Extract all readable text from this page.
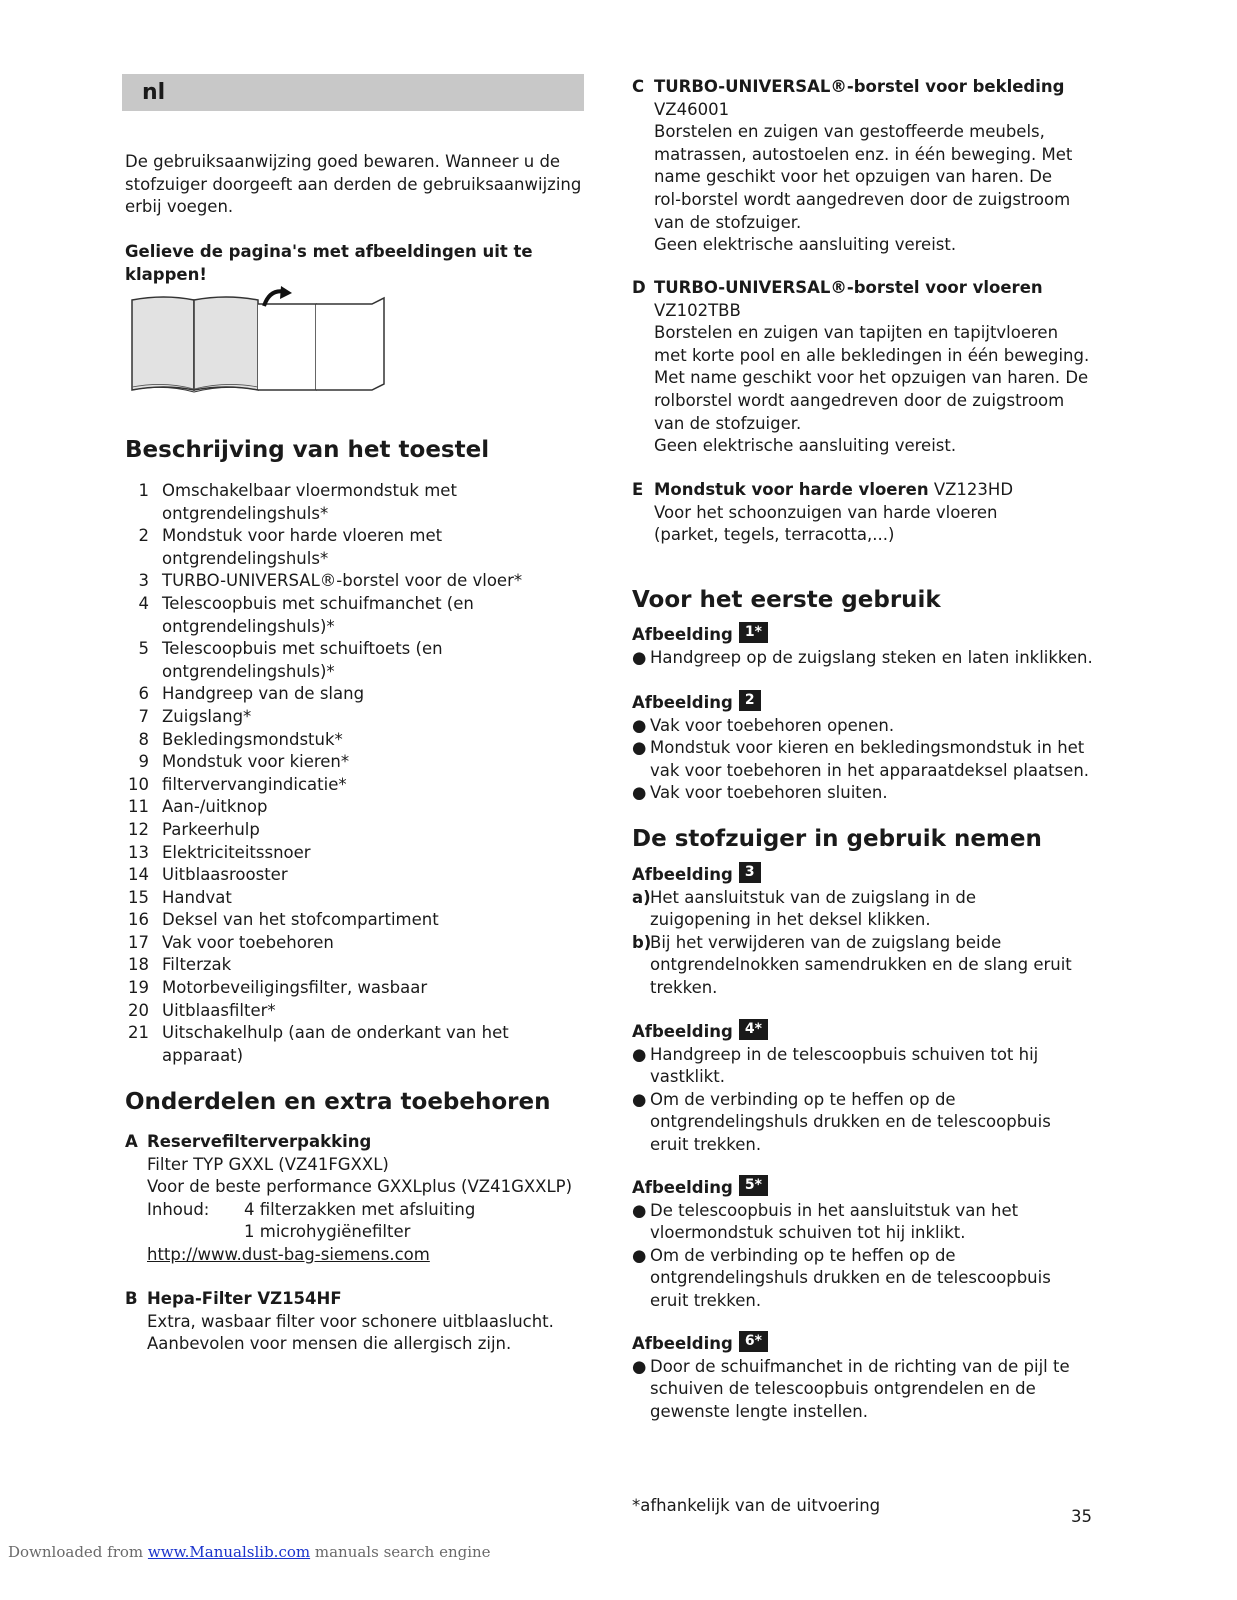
nl
De gebruiksaanwijzing goed bewaren. Wanneer u de stofzuiger doorgeeft aan derden de gebruiksaanwijzing erbij voegen.
Gelieve de pagina's met afbeeldingen uit te klappen!
Beschrijving van het toestel
1 Omschakelbaar vloermondstuk met ontgrendelingshuls*
2 Mondstuk voor harde vloeren met ontgrendelingshuls*
3 TURBO-UNIVERSAL®-borstel voor de vloer*
4 Telescoopbuis met schuifmanchet (en ontgrendelingshuls)*
5 Telescoopbuis met schuiftoets (en ontgrendelingshuls)*
6 Handgreep van de slang
7 Zuigslang*
8 Bekledingsmondstuk*
9 Mondstuk voor kieren*
10 filtervervangindicatie*
11 Aan-/uitknop
12 Parkeerhulp
13 Elektriciteitssnoer
14 Uitblaasrooster
15 Handvat
16 Deksel van het stofcompartiment
17 Vak voor toebehoren
18 Filterzak
19 Motorbeveiligingsfilter, wasbaar
20 Uitblaasfilter*
21 Uitschakelhulp (aan de onderkant van het apparaat)
Onderdelen en extra toebehoren
A Reservefilterverpakking
Filter TYP GXXL (VZ41FGXXL)
Voor de beste performance GXXLplus (VZ41GXXLP)
Inhoud:	4 filterzakken met afsluiting
1 microhygiënefilter
http://www.dust-bag-siemens.com
B Hepa-Filter VZ154HF
Extra, wasbaar filter voor schonere uitblaaslucht.
Aanbevolen voor mensen die allergisch zijn.
C TURBO-UNIVERSAL®-borstel voor bekleding
VZ46001
Borstelen en zuigen van gestoffeerde meubels, matrassen, autostoelen enz. in één beweging. Met name geschikt voor het opzuigen van haren. De rol-borstel wordt aangedreven door de zuigstroom van de stofzuiger.
Geen elektrische aansluiting vereist.
D TURBO-UNIVERSAL®-borstel voor vloeren
VZ102TBB
Borstelen en zuigen van tapijten en tapijtvloeren met korte pool en alle bekledingen in één beweging. Met name geschikt voor het opzuigen van haren. De rolborstel wordt aangedreven door de zuigstroom van de stofzuiger.
Geen elektrische aansluiting vereist.
E Mondstuk voor harde vloeren VZ123HD
Voor het schoonzuigen van harde vloeren (parket, tegels, terracotta,...)
Voor het eerste gebruik
Afbeelding 1*
● Handgreep op de zuigslang steken en laten inklikken.
Afbeelding 2
● Vak voor toebehoren openen.
● Mondstuk voor kieren en bekledingsmondstuk in het vak voor toebehoren in het apparaatdeksel plaatsen.
● Vak voor toebehoren sluiten.
De stofzuiger in gebruik nemen
Afbeelding 3
a) Het aansluitstuk van de zuigslang in de zuigopening in het deksel klikken.
b)
Bij het verwijderen van de zuigslang beide ontgrendelnokken samendrukken en de slang eruit trekken.
Afbeelding 4*
● Handgreep in de telescoopbuis schuiven tot hij vastklikt.
● Om de verbinding op te heffen op de ontgrendelingshuls drukken en de telescoopbuis eruit trekken.
Afbeelding 5*
● De telescoopbuis in het aansluitstuk van het vloermondstuk schuiven tot hij inklikt.
● Om de verbinding op te heffen op de ontgrendelingshuls drukken en de telescoopbuis eruit trekken.
Afbeelding 6*
● Door de schuifmanchet in de richting van de pijl te schuiven de telescoopbuis ontgrendelen en de gewenste lengte instellen.
*afhankelijk van de uitvoering
35
Downloaded from www.Manualslib.com manuals search engine
